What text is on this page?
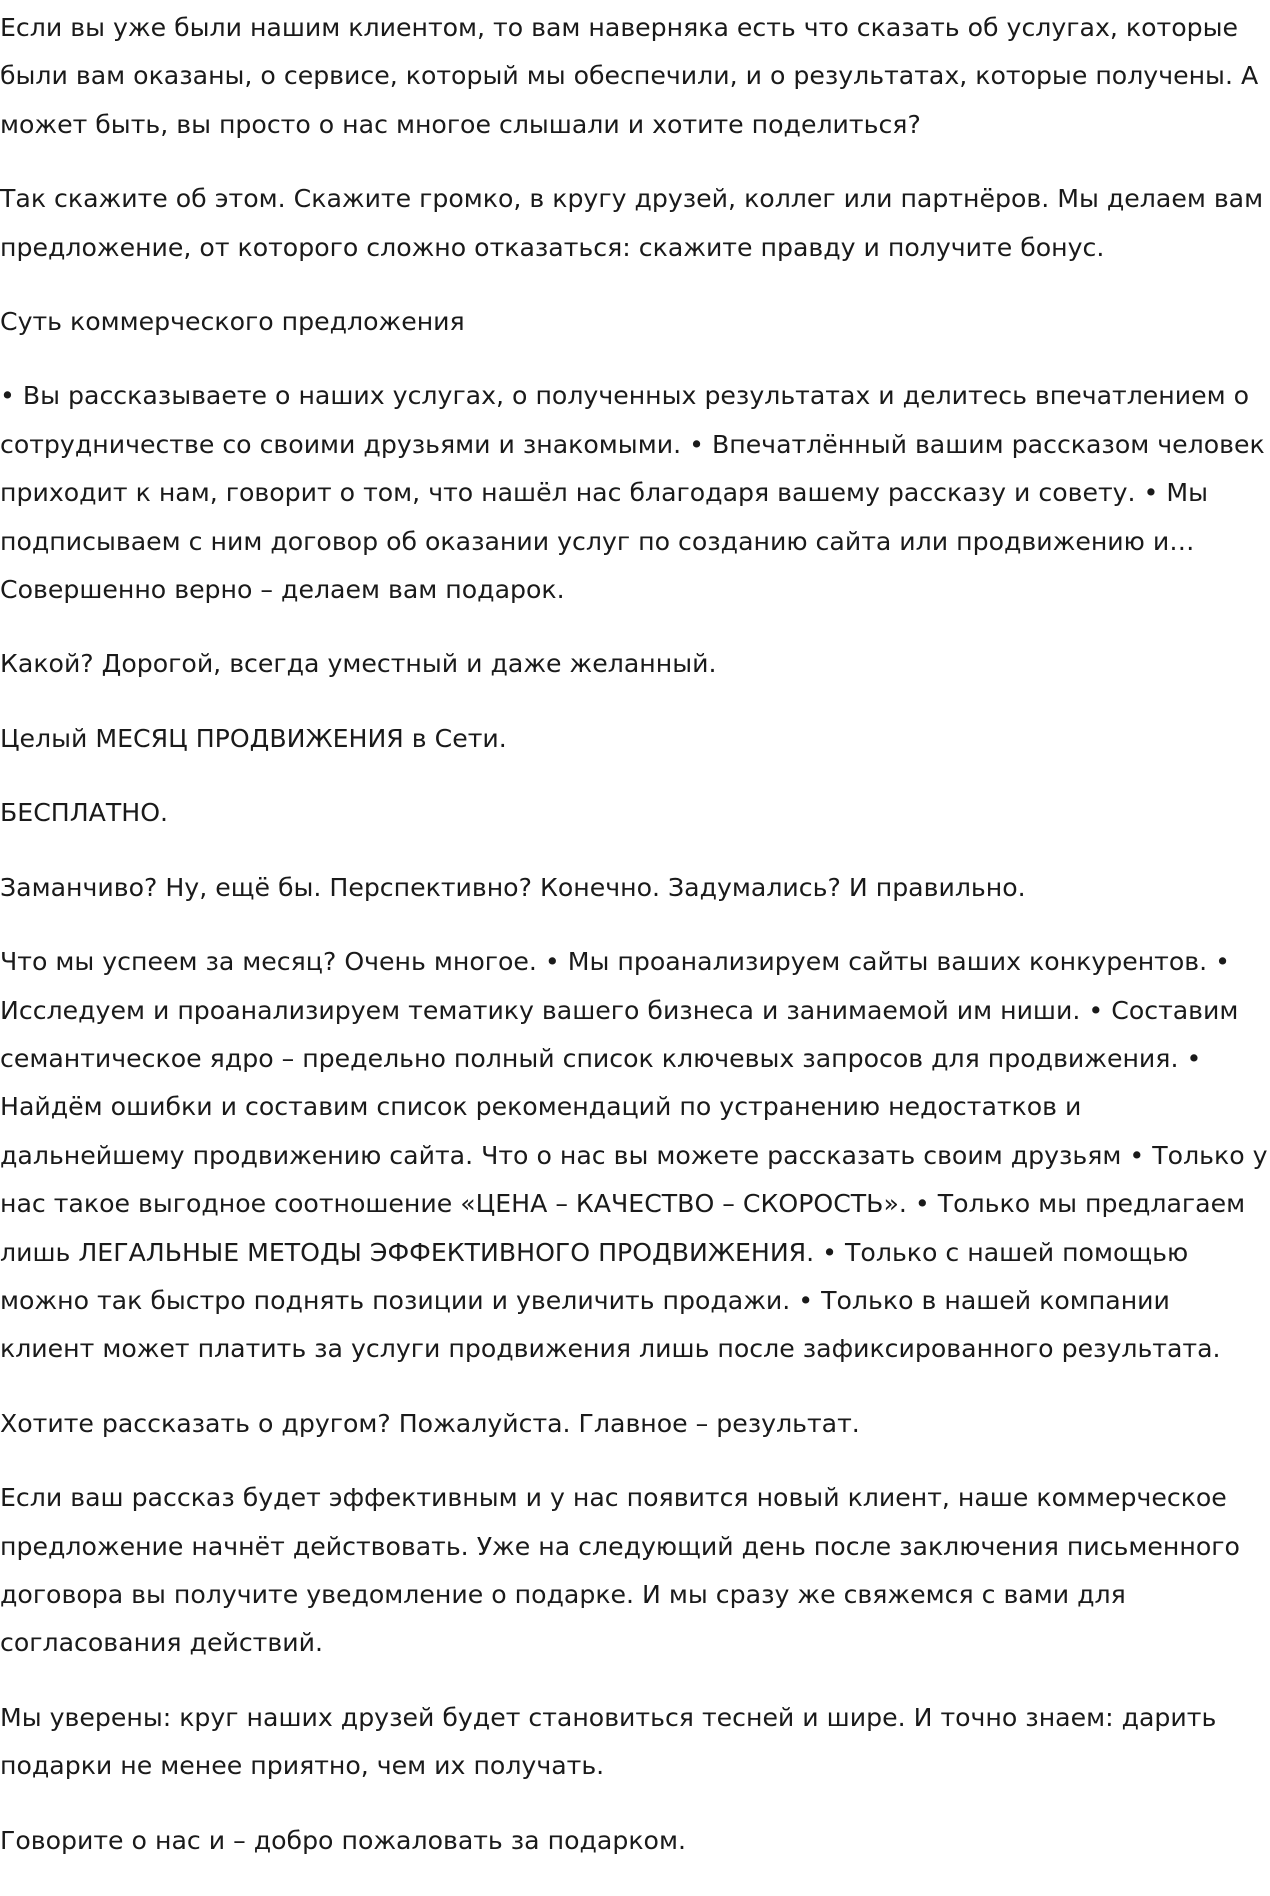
Если вы уже были нашим клиентом, то вам наверняка есть что сказать об услугах, которые были вам оказаны, о сервисе, который мы обеспечили, и о результатах, которые получены. А может быть, вы просто о нас многое слышали и хотите поделиться?

Так скажите об этом. Скажите громко, в кругу друзей, коллег или партнёров. Мы делаем вам предложение, от которого сложно отказаться: скажите правду и получите бонус.

Суть коммерческого предложения

• Вы рассказываете о наших услугах, о полученных результатах и делитесь впечатлением о сотрудничестве со своими друзьями и знакомыми. • Впечатлённый вашим рассказом человек приходит к нам, говорит о том, что нашёл нас благодаря вашему рассказу и совету. • Мы подписываем с ним договор об оказании услуг по созданию сайта или продвижению и… Совершенно верно – делаем вам подарок.

Какой? Дорогой, всегда уместный и даже желанный.

Целый МЕСЯЦ ПРОДВИЖЕНИЯ в Сети.

БЕСПЛАТНО.

Заманчиво? Ну, ещё бы. Перспективно? Конечно. Задумались? И правильно.

Что мы успеем за месяц? Очень многое. • Мы проанализируем сайты ваших конкурентов. • Исследуем и проанализируем тематику вашего бизнеса и занимаемой им ниши. • Составим семантическое ядро – предельно полный список ключевых запросов для продвижения. • Найдём ошибки и составим список рекомендаций по устранению недостатков и дальнейшему продвижению сайта. Что о нас вы можете рассказать своим друзьям • Только у нас такое выгодное соотношение «ЦЕНА – КАЧЕСТВО – СКОРОСТЬ». • Только мы предлагаем лишь ЛЕГАЛЬНЫЕ МЕТОДЫ ЭФФЕКТИВНОГО ПРОДВИЖЕНИЯ. • Только с нашей помощью можно так быстро поднять позиции и увеличить продажи. • Только в нашей компании клиент может платить за услуги продвижения лишь после зафиксированного результата.

Хотите рассказать о другом? Пожалуйста. Главное – результат.

Если ваш рассказ будет эффективным и у нас появится новый клиент, наше коммерческое предложение начнёт действовать. Уже на следующий день после заключения письменного договора вы получите уведомление о подарке. И мы сразу же свяжемся с вами для согласования действий.

Мы уверены: круг наших друзей будет становиться тесней и шире. И точно знаем: дарить подарки не менее приятно, чем их получать.

Говорите о нас и – добро пожаловать за подарком.
